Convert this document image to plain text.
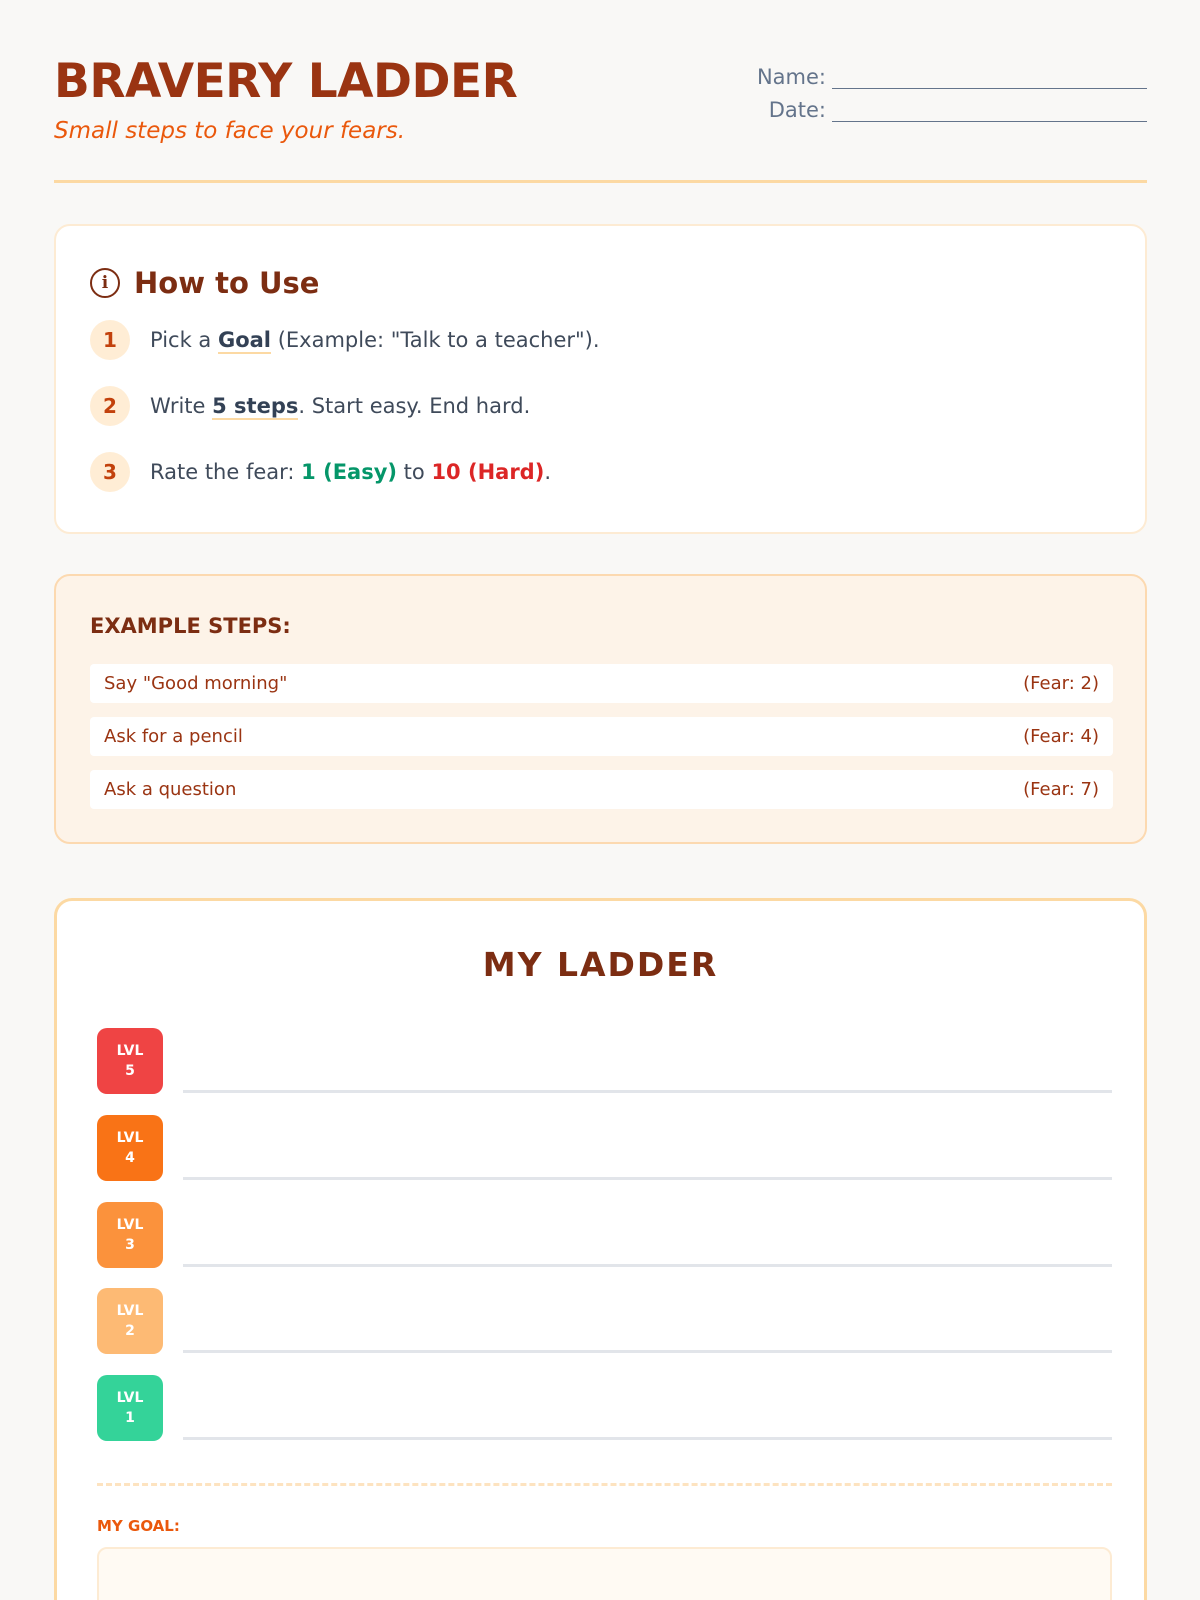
BRAVERY LADDER
Small steps to face your fears.
Name:
Date:
i How to Use
1	Pick a Goal (Example: "Talk to a teacher").
2	Write 5 steps. Start easy. End hard.
3	Rate the fear: 1 (Easy) to 10 (Hard).
EXAMPLE STEPS:
Say "Good morning"	(Fear: 2)
Ask for a pencil	(Fear: 4)
Ask a question	(Fear: 7)
MY LADDER
LVL
5
LVL
4
LVL
3
LVL
2
LVL
1
MY GOAL:
